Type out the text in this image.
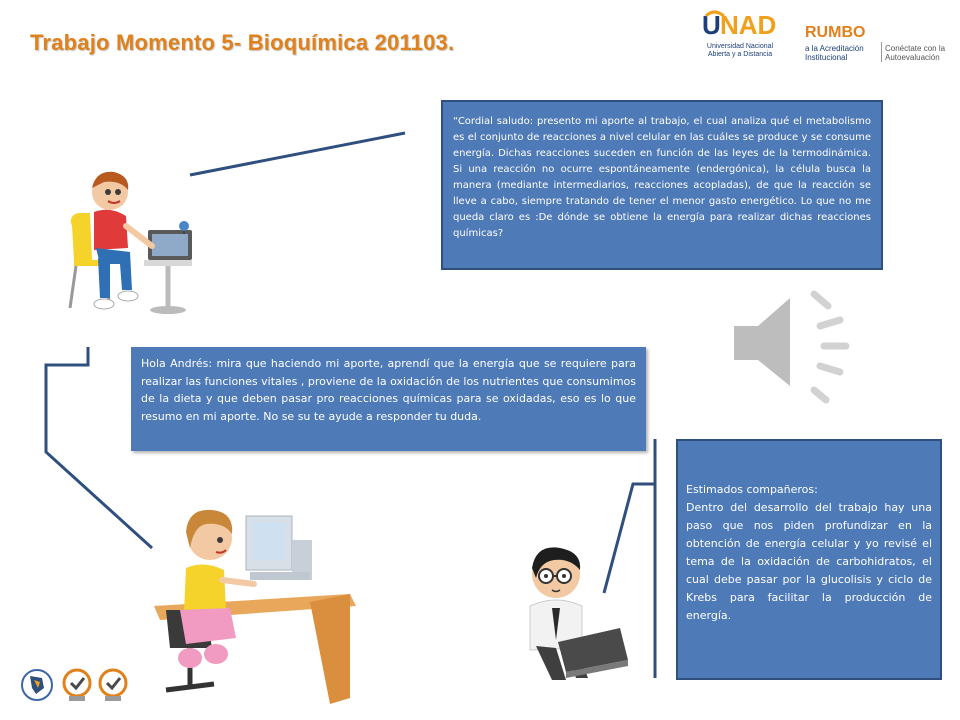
Trabajo Momento 5- Bioquímica 201103.
U NAD
Universidad Nacional
Abierta y a Distancia
RUMBO
a la Acreditación
Institucional
Conéctate con la
Autoevaluación
“Cordial saludo: presento mi aporte al trabajo, el cual analiza qué el metabolismo es el conjunto de reacciones a nivel celular en las cuáles se produce y se consume energía. Dichas reacciones suceden en función de las leyes de la termodinámica. Si una reacción no ocurre espontáneamente (endergónica), la célula busca la manera (mediante intermediarios, reacciones acopladas), de que la reacción se lleve a cabo, siempre tratando de tener el menor gasto energético. Lo que no me queda claro es :De dónde se obtiene la energía para realizar dichas reacciones químicas?
Hola Andrés: mira que haciendo mi aporte, aprendí que la energía que se requiere para realizar las funciones vitales , proviene de la oxidación de los nutrientes que consumimos de la dieta y que deben pasar pro reacciones químicas para se oxidadas, eso es lo que resumo en mi aporte. No se su te ayude a responder tu duda.
Estimados compañeros:
Dentro del desarrollo del trabajo hay una paso que nos piden profundizar en la obtención de energía celular y yo revisé el tema de la oxidación de carbohidratos, el cual debe pasar por la glucolisis y ciclo de Krebs para facilitar la producción de energía.
